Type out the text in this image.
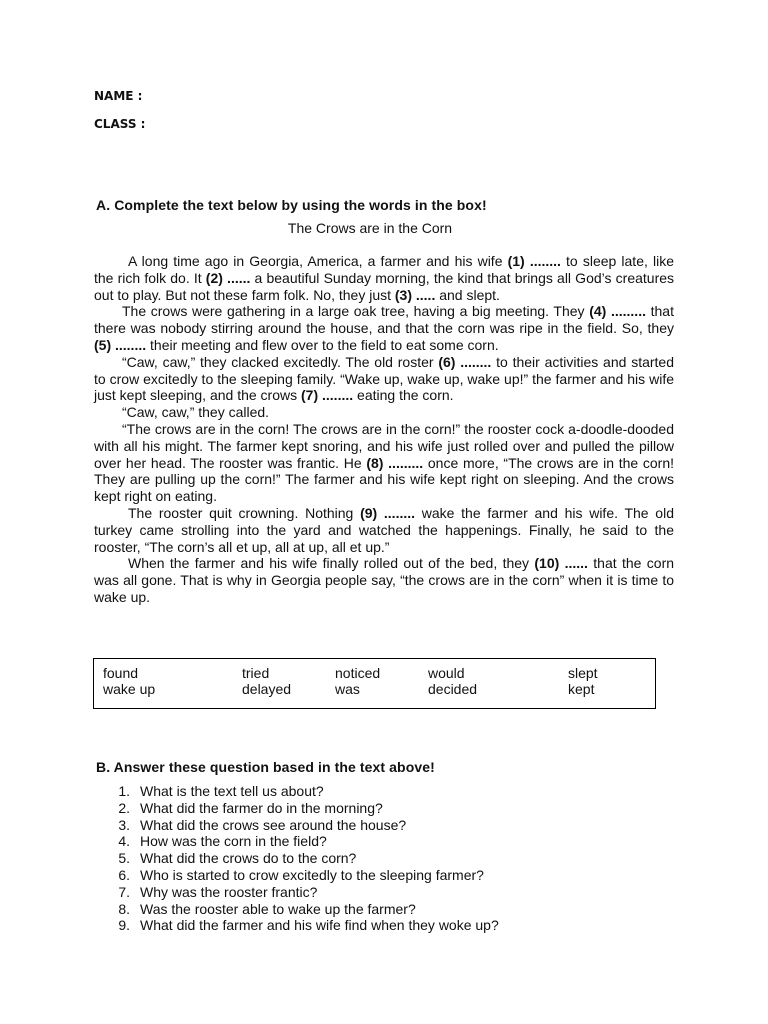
NAME :
CLASS :
A. Complete the text below by using the words in the box!
The Crows are in the Corn

A long time ago in Georgia, America, a farmer and his wife (1) ........ to sleep late, like the rich folk do. It (2) ...... a beautiful Sunday morning, the kind that brings all God’s creatures out to play. But not these farm folk. No, they just (3) ..... and slept.

The crows were gathering in a large oak tree, having a big meeting. They (4) ......... that there was nobody stirring around the house, and that the corn was ripe in the field. So, they (5) ........ their meeting and flew over to the field to eat some corn.

“Caw, caw,” they clacked excitedly. The old roster (6) ........ to their activities and started to crow excitedly to the sleeping family. “Wake up, wake up, wake up!” the farmer and his wife just kept sleeping, and the crows (7) ........ eating the corn.

“Caw, caw,” they called.

“The crows are in the corn! The crows are in the corn!” the rooster cock a-doodle-dooded with all his might. The farmer kept snoring, and his wife just rolled over and pulled the pillow over her head. The rooster was frantic. He (8) ......... once more, “The crows are in the corn! They are pulling up the corn!” The farmer and his wife kept right on sleeping. And the crows kept right on eating.

The rooster quit crowning. Nothing (9) ........ wake the farmer and his wife. The old turkey came strolling into the yard and watched the happenings. Finally, he said to the rooster, “The corn’s all et up, all at up, all et up.”

When the farmer and his wife finally rolled out of the bed, they (10) ...... that the corn was all gone. That is why in Georgia people say, “the crows are in the corn” when it is time to wake up.

found	tried	noticed	would	slept
wake up	delayed	was	decided	kept
B. Answer these question based in the text above!
1. What is the text tell us about?
2. What did the farmer do in the morning?
3. What did the crows see around the house?
4. How was the corn in the field?
5. What did the crows do to the corn?
6. Who is started to crow excitedly to the sleeping farmer?
7. Why was the rooster frantic?
8. Was the rooster able to wake up the farmer?
9. What did the farmer and his wife find when they woke up?
